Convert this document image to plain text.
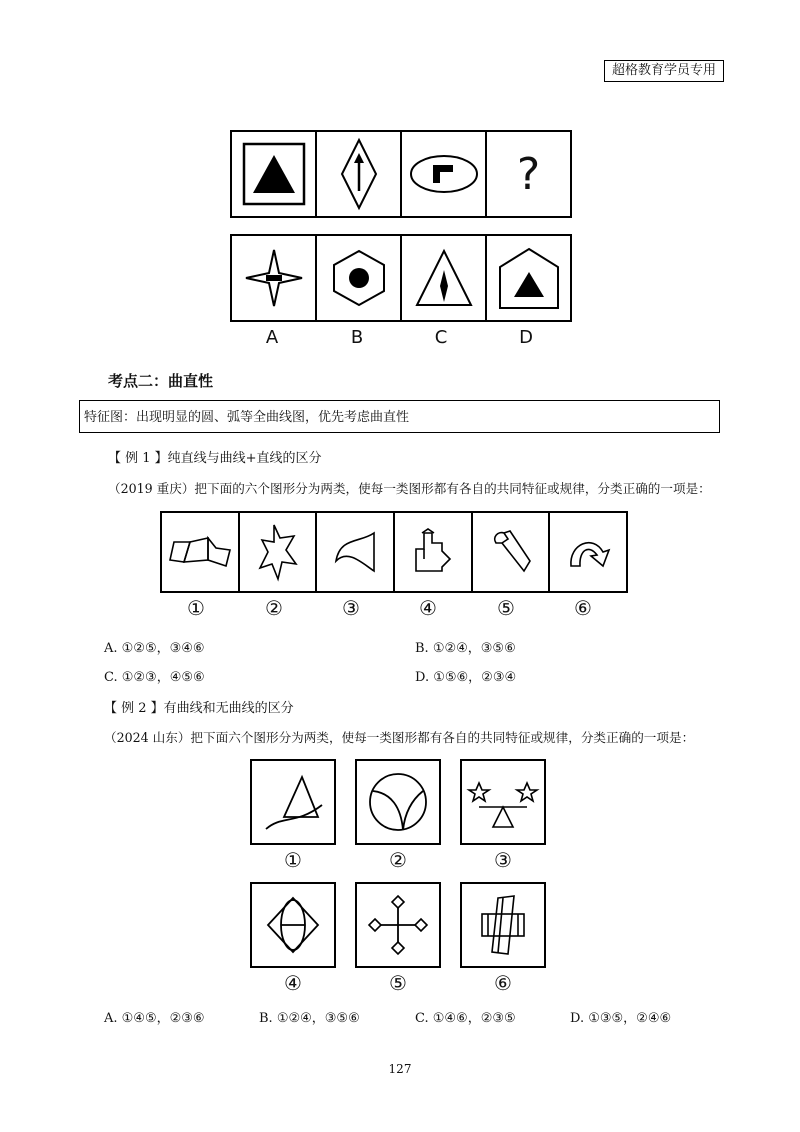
超格教育学员专用
?
A	B	C	D
考点二：曲直性
特征图：出现明显的圆、弧等全曲线图，优先考虑曲直性
【 例 1 】纯直线与曲线+直线的区分
（2019 重庆）把下面的六个图形分为两类，使每一类图形都有各自的共同特征或规律，分类正确的一项是：
①	②	③	④	⑤	⑥
A. ①②⑤，③④⑥	B. ①②④，③⑤⑥
C. ①②③，④⑤⑥	D. ①⑤⑥，②③④
【 例 2 】有曲线和无曲线的区分
（2024 山东）把下面六个图形分为两类，使每一类图形都有各自的共同特征或规律，分类正确的一项是：
①	②	③
④	⑤	⑥
A. ①④⑤，②③⑥	B. ①②④，③⑤⑥	C. ①④⑥，②③⑤	D. ①③⑤，②④⑥
127
